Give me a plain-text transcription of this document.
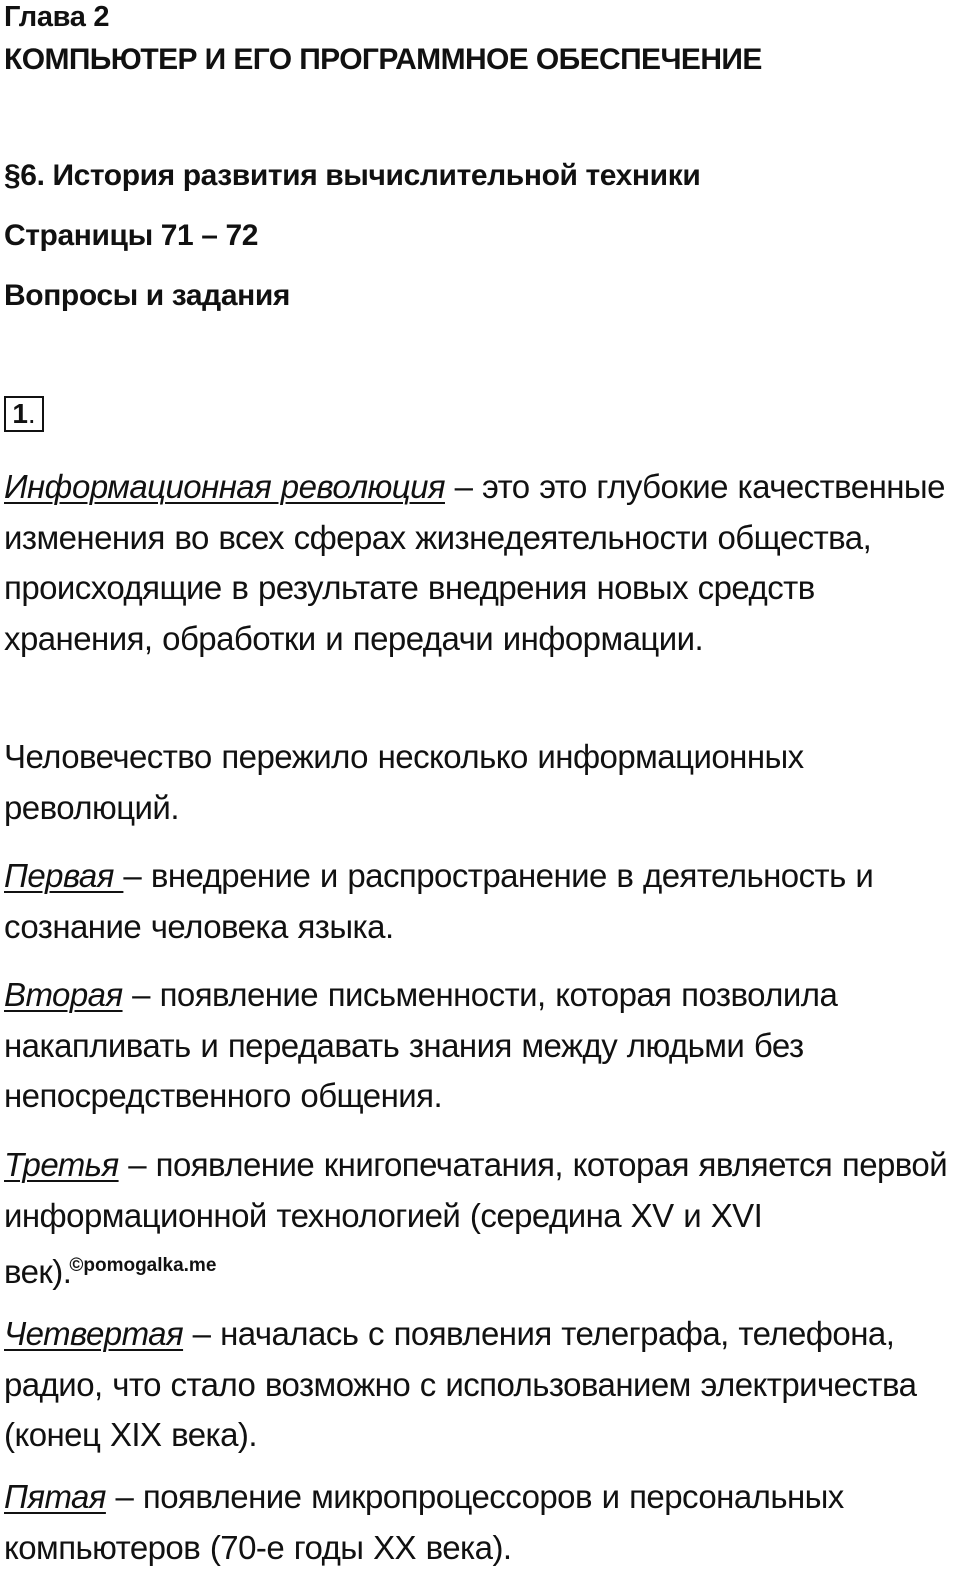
Глава 2
КОМПЬЮТЕР И ЕГО ПРОГРАММНОЕ ОБЕСПЕЧЕНИЕ
§6. История развития вычислительной техники
Страницы 71 – 72
Вопросы и задания
1.
Информационная революция – это это глубокие качественные изменения во всех сферах жизнедеятельности общества, происходящие в результате внедрения новых средств хранения, обработки и передачи информации.
Человечество пережило несколько информационных революций.
Первая – внедрение и распространение в деятельность и сознание человека языка.
Вторая – появление письменности, которая позволила накапливать и передавать знания между людьми без непосредственного общения.
Третья – появление книгопечатания, которая является первой информационной технологией (середина XV и XVI век).$^{©pomogalka.me}$
Четвертая – началась с появления телеграфа, телефона, радио, что стало возможно с использованием электричества (конец XIX века).
Пятая – появление микропроцессоров и персональных компьютеров (70-е годы XX века).
